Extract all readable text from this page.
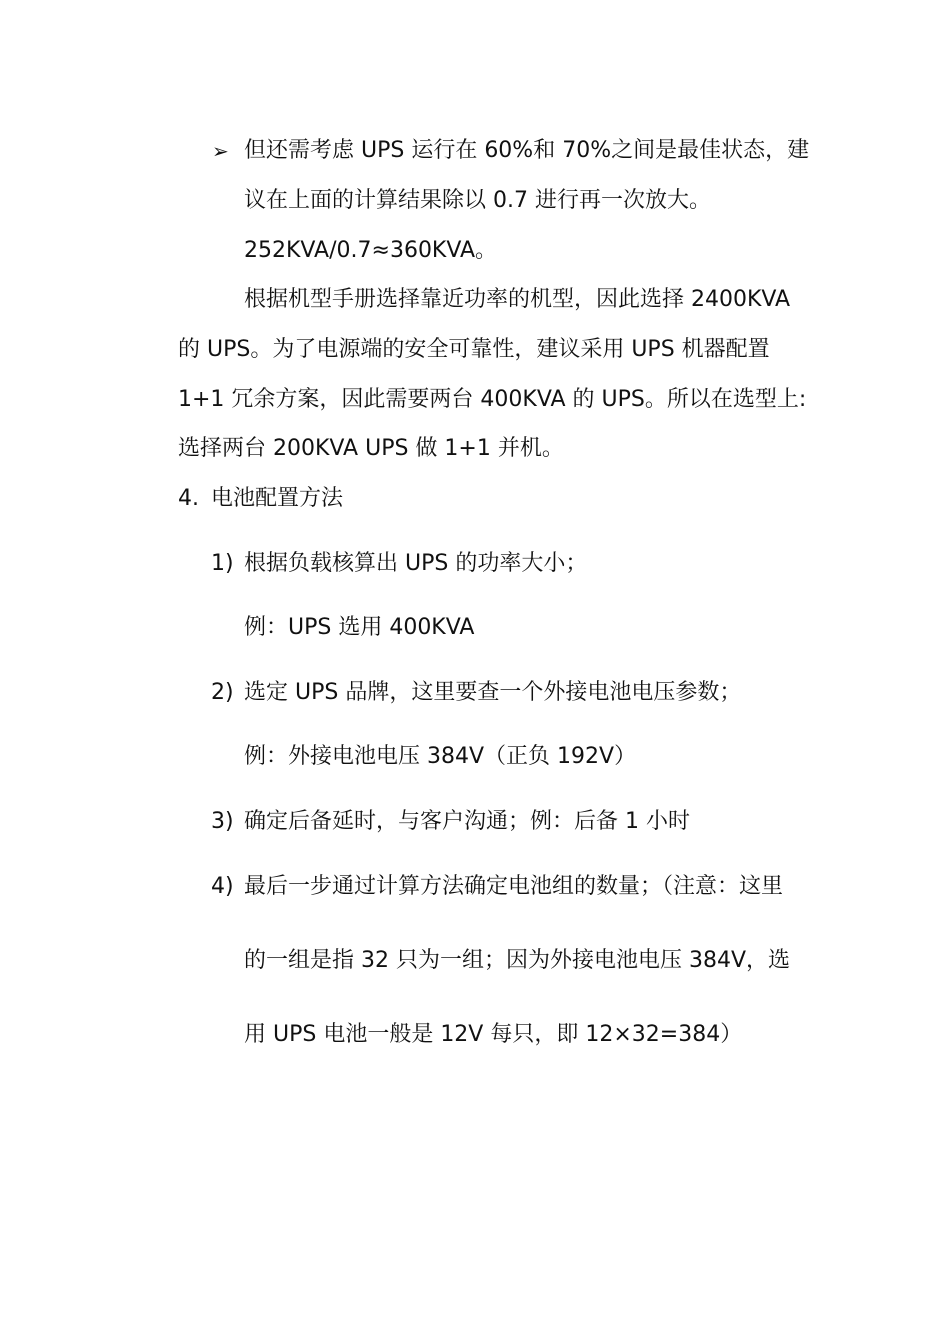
➢ 但还需考虑 UPS 运行在 60%和 70%之间是最佳状态，建
议在上面的计算结果除以 0.7 进行再一次放大。
252KVA/0.7≈360KVA。
根据机型手册选择靠近功率的机型，因此选择 2400KVA
的 UPS。为了电源端的安全可靠性，建议采用 UPS 机器配置
1+1 冗余方案，因此需要两台 400KVA 的 UPS。所以在选型上:
选择两台 200KVA UPS 做 1+1 并机。
4. 电池配置方法
1) 根据负载核算出 UPS 的功率大小；
例：UPS 选用 400KVA
2) 选定 UPS 品牌，这里要查一个外接电池电压参数；
例：外接电池电压 384V（正负 192V）
3) 确定后备延时，与客户沟通；例：后备 1 小时
4) 最后一步通过计算方法确定电池组的数量；（注意：这里
的一组是指 32 只为一组；因为外接电池电压 384V，选
用 UPS 电池一般是 12V 每只，即 12×32=384）
